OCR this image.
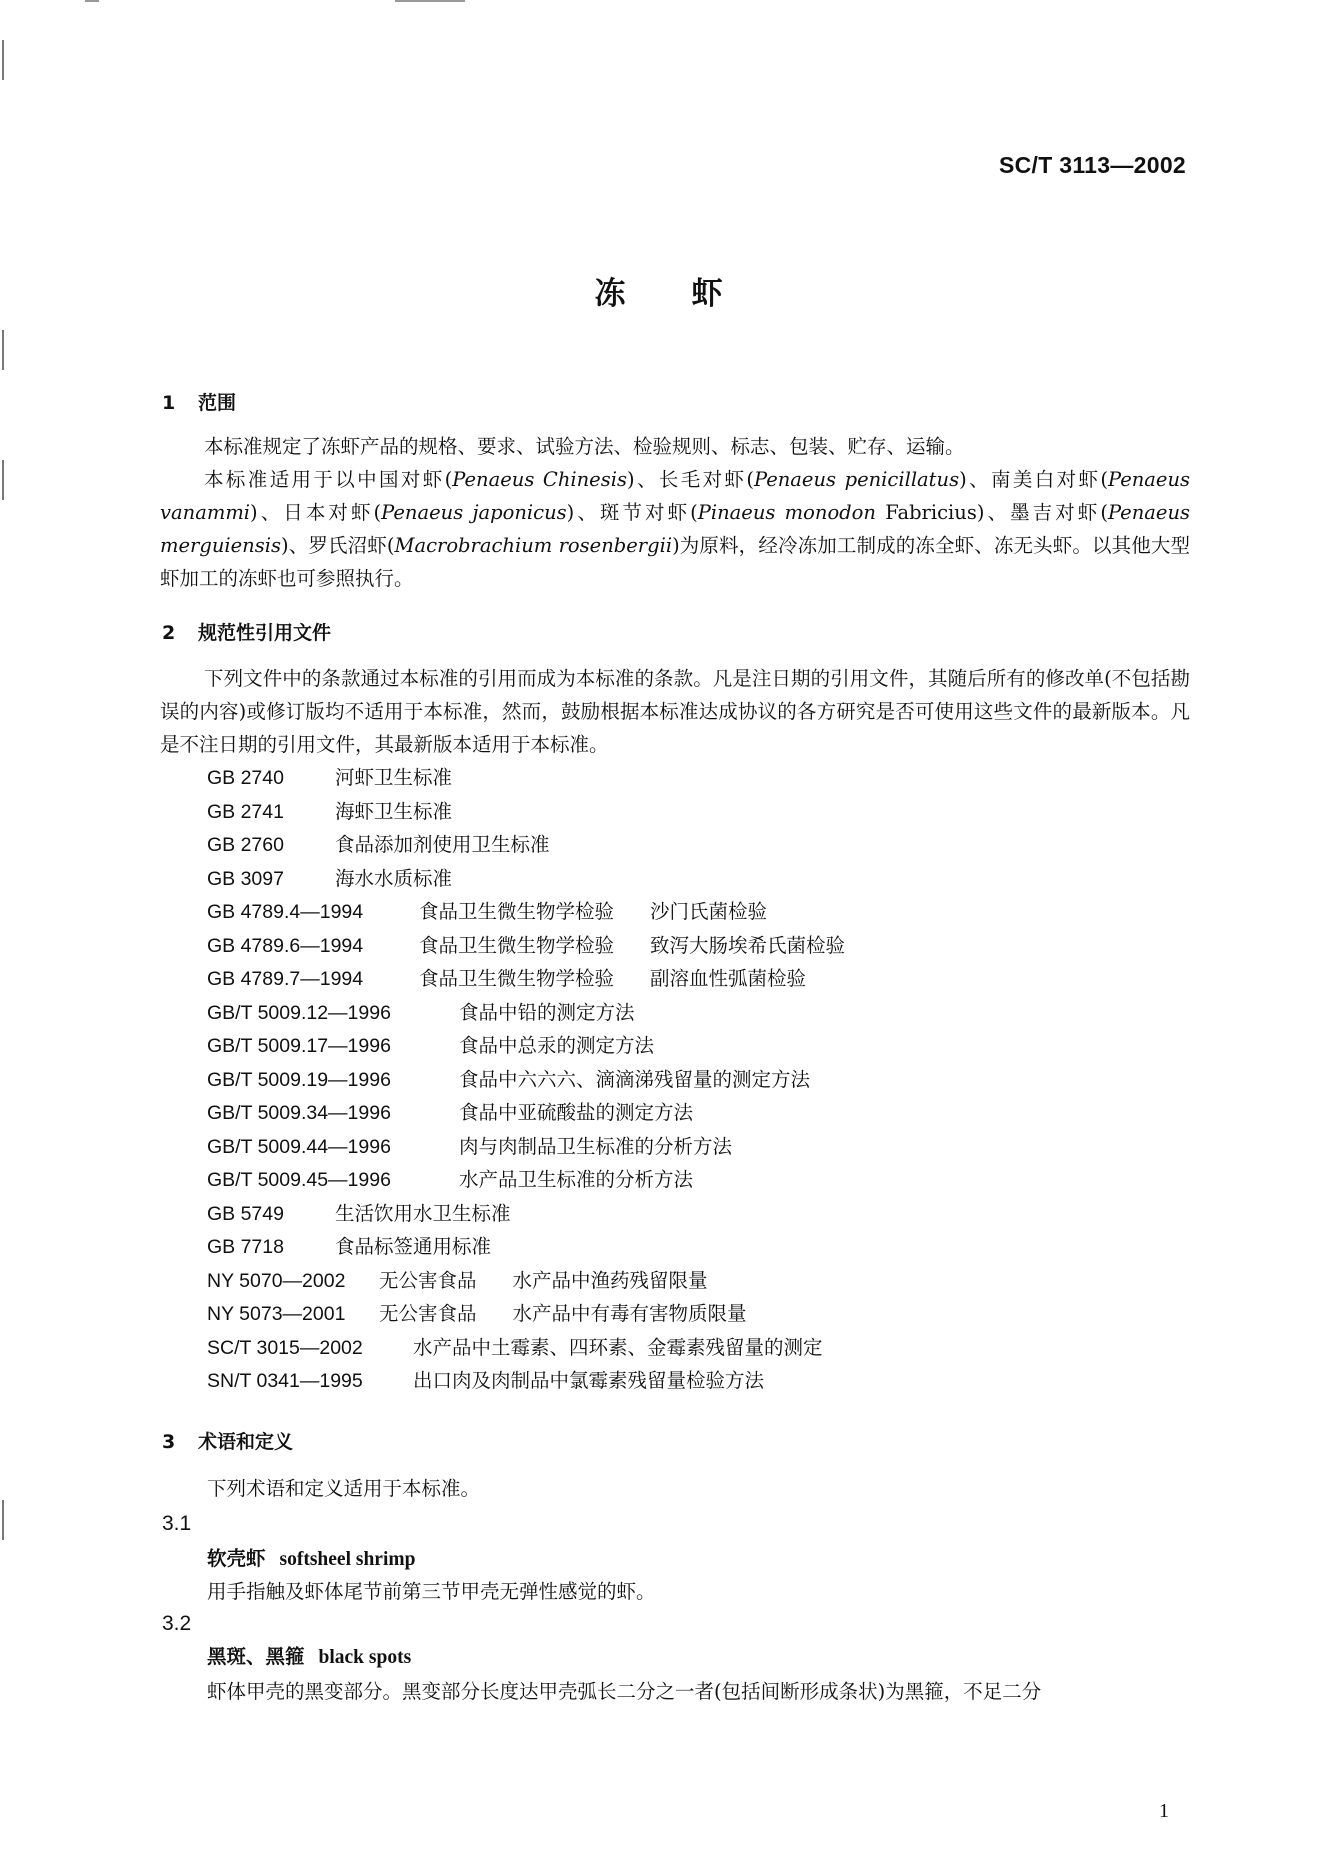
SC/T 3113—2002
冻 虾
1 范围

本标准规定了冻虾产品的规格、要求、试验方法、检验规则、标志、包装、贮存、运输。

本标准适用于以中国对虾(Penaeus Chinesis)、长毛对虾(Penaeus penicillatus)、南美白对虾(Penaeus vanammi)、日本对虾(Penaeus japonicus)、斑节对虾(Pinaeus monodon Fabricius)、墨吉对虾(Penaeus merguiensis)、罗氏沼虾(Macrobrachium rosenbergii)为原料，经冷冻加工制成的冻全虾、冻无头虾。以其他大型虾加工的冻虾也可参照执行。

2 规范性引用文件

下列文件中的条款通过本标准的引用而成为本标准的条款。凡是注日期的引用文件，其随后所有的修改单(不包括勘误的内容)或修订版均不适用于本标准，然而，鼓励根据本标准达成协议的各方研究是否可使用这些文件的最新版本。凡是不注日期的引用文件，其最新版本适用于本标准。

GB 2740	河虾卫生标准
GB 2741	海虾卫生标准
GB 2760	食品添加剂使用卫生标准
GB 3097	海水水质标准
GB 4789.4—1994	食品卫生微生物学检验 沙门氏菌检验
GB 4789.6—1994	食品卫生微生物学检验 致泻大肠埃希氏菌检验
GB 4789.7—1994	食品卫生微生物学检验 副溶血性弧菌检验
GB/T 5009.12—1996	食品中铅的测定方法
GB/T 5009.17—1996	食品中总汞的测定方法
GB/T 5009.19—1996	食品中六六六、滴滴涕残留量的测定方法
GB/T 5009.34—1996	食品中亚硫酸盐的测定方法
GB/T 5009.44—1996	肉与肉制品卫生标准的分析方法
GB/T 5009.45—1996	水产品卫生标准的分析方法
GB 5749	生活饮用水卫生标准
GB 7718	食品标签通用标准
NY 5070—2002 无公害食品 水产品中渔药残留限量
NY 5073—2001 无公害食品 水产品中有毒有害物质限量
SC/T 3015—2002	水产品中土霉素、四环素、金霉素残留量的测定
SN/T 0341—1995	出口肉及肉制品中氯霉素残留量检验方法
3 术语和定义
下列术语和定义适用于本标准。
3.1
软壳虾 softsheel shrimp
用手指触及虾体尾节前第三节甲壳无弹性感觉的虾。
3.2
黑斑、黑箍 black spots
虾体甲壳的黑变部分。黑变部分长度达甲壳弧长二分之一者(包括间断形成条状)为黑箍，不足二分
1
